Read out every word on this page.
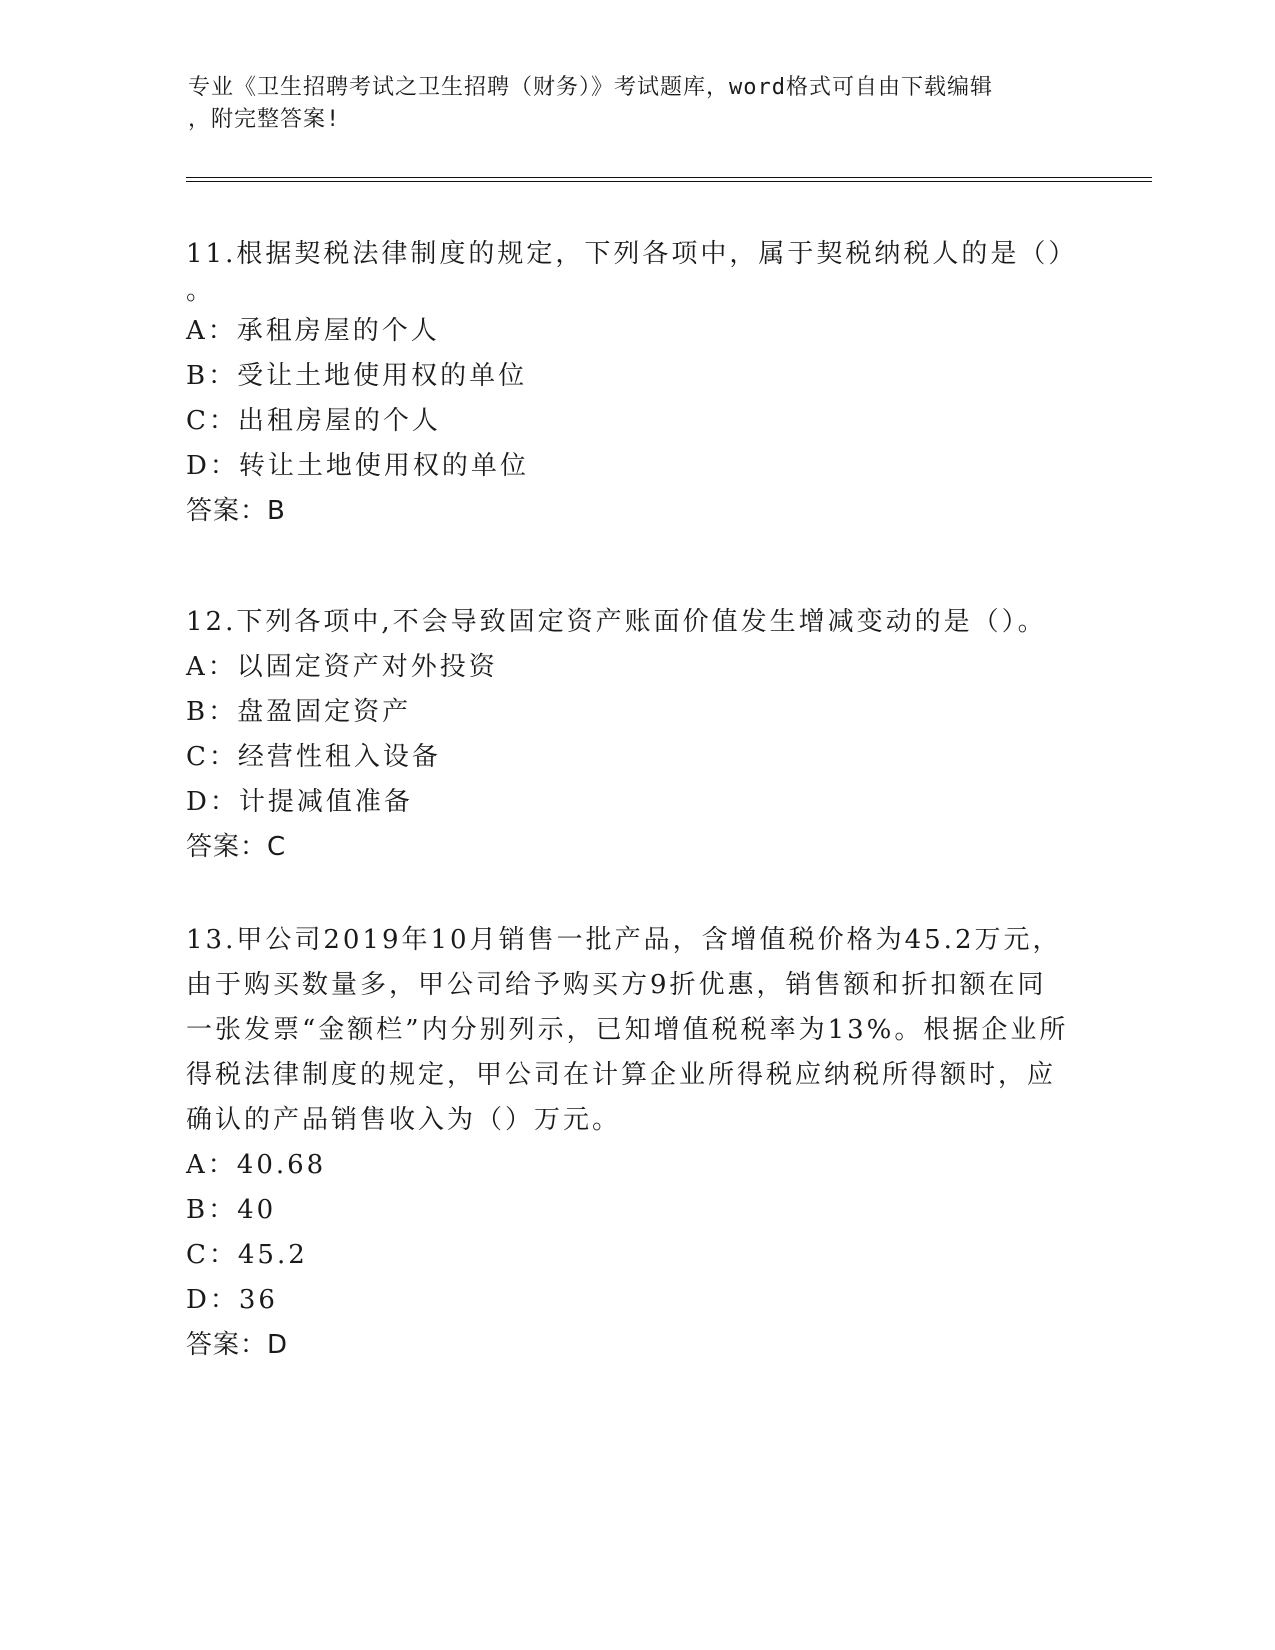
专业《卫生招聘考试之卫生招聘（财务）》考试题库，word格式可自由下载编辑
，附完整答案!

11.根据契税法律制度的规定，下列各项中，属于契税纳税人的是（）

。

A：承租房屋的个人

B：受让土地使用权的单位

C：出租房屋的个人

D：转让土地使用权的单位

答案：B

12.下列各项中,不会导致固定资产账面价值发生增减变动的是（）。

A：以固定资产对外投资

B：盘盈固定资产

C：经营性租入设备

D：计提减值准备

答案：C

13.甲公司2019年10月销售一批产品，含增值税价格为45.2万元，

由于购买数量多，甲公司给予购买方9折优惠，销售额和折扣额在同

一张发票“金额栏”内分别列示，已知增值税税率为13%。根据企业所

得税法律制度的规定，甲公司在计算企业所得税应纳税所得额时，应

确认的产品销售收入为（）万元。

A：40.68

B：40

C：45.2

D：36

答案：D
